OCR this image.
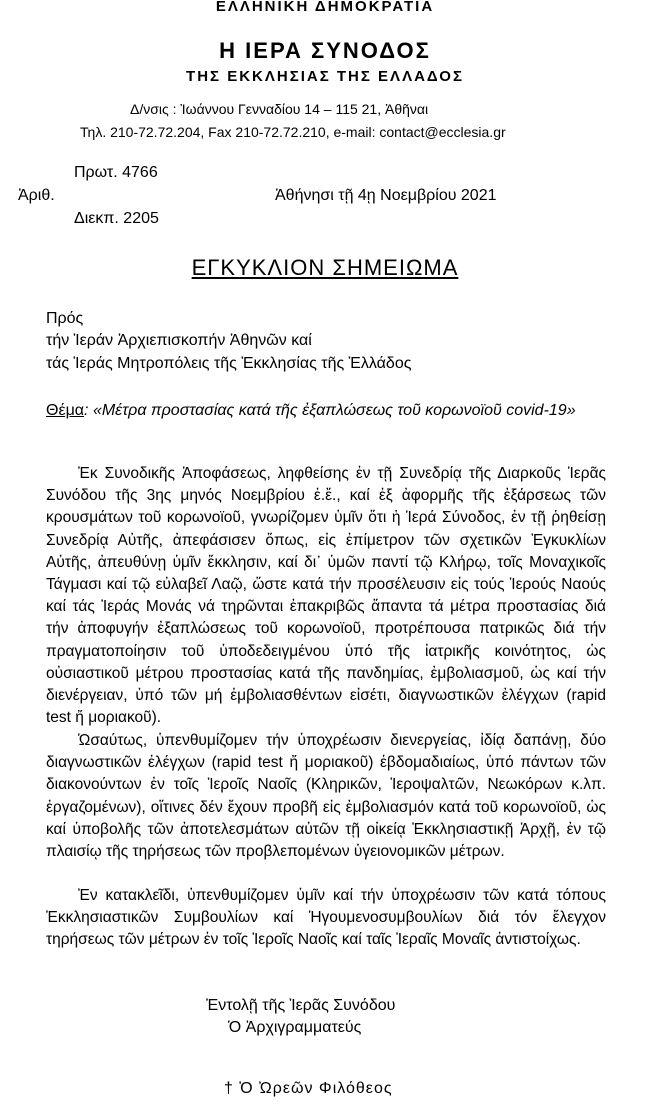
ΕΛΛΗΝΙΚΗ ΔΗΜΟΚΡΑΤΙΑ
Η ΙΕΡΑ ΣΥΝΟΔΟΣ
ΤΗΣ ΕΚΚΛΗΣΙΑΣ ΤΗΣ ΕΛΛΑΔΟΣ
Δ/νσις : Ἰωάννου Γενναδίου 14 – 115 21, Ἀθῆναι
Τηλ. 210-72.72.204, Fax 210-72.72.210, e-mail: contact@ecclesia.gr
Πρωτ. 4766
Ἀριθ.	Ἀθήνησι τῇ 4ῃ Νοεμβρίου 2021
Διεκπ. 2205
ΕΓΚΥΚΛΙΟΝ ΣΗΜΕΙΩΜΑ
Πρός
τήν Ἱεράν Ἀρχιεπισκοπήν Ἀθηνῶν καί
τάς Ἱεράς Μητροπόλεις τῆς Ἐκκλησίας τῆς Ἑλλάδος
Θέμα: «Μέτρα προστασίας κατά τῆς ἐξαπλώσεως τοῦ κορωνοϊοῦ covid-19»
Ἐκ Συνοδικῆς Ἀποφάσεως, ληφθείσης ἐν τῇ Συνεδρίᾳ τῆς Διαρκοῦς Ἱερᾶς Συνόδου τῆς 3ης μηνός Νοεμβρίου ἐ.ἔ., καί ἐξ ἀφορμῆς τῆς ἐξάρσεως τῶν κρουσμάτων τοῦ κορωνοϊοῦ, γνωρίζομεν ὑμῖν ὅτι ἡ Ἱερά Σύνοδος, ἐν τῇ ῥηθείσῃ Συνεδρίᾳ Αὐτῆς, ἀπεφάσισεν ὅπως, εἰς ἐπίμετρον τῶν σχετικῶν Ἐγκυκλίων Αὐτῆς, ἀπευθύνῃ ὑμῖν ἔκκλησιν, καί δι᾽ ὑμῶν παντί τῷ Κλήρῳ, τοῖς Μοναχικοῖς Τάγμασι καί τῷ εὐλαβεῖ Λαῷ, ὥστε κατά τήν προσέλευσιν εἰς τούς Ἱερούς Ναούς καί τάς Ἱεράς Μονάς νά τηρῶνται ἐπακριβῶς ἅπαντα τά μέτρα προστασίας διά τήν ἀποφυγήν ἐξαπλώσεως τοῦ κορωνοϊοῦ, προτρέπουσα πατρικῶς διά τήν πραγματοποίησιν τοῦ ὑποδεδειγμένου ὑπό τῆς ἰατρικῆς κοινότητος, ὡς οὐσιαστικοῦ μέτρου προστασίας κατά τῆς πανδημίας, ἐμβολιασμοῦ, ὡς καί τήν διενέργειαν, ὑπό τῶν μή ἐμβολιασθέντων εἰσέτι, διαγνωστικῶν ἐλέγχων (rapid test ἤ μοριακοῦ).
Ὡσαύτως, ὑπενθυμίζομεν τήν ὑποχρέωσιν διενεργείας, ἰδίᾳ δαπάνῃ, δύο διαγνωστικῶν ἐλέγχων (rapid test ἤ μοριακοῦ) ἑβδομαδιαίως, ὑπό πάντων τῶν διακονούντων ἐν τοῖς Ἱεροῖς Ναοῖς (Κληρικῶν, Ἱεροψαλτῶν, Νεωκόρων κ.λπ. ἐργαζομένων), οἵτινες δέν ἔχουν προβῆ εἰς ἐμβολιασμόν κατά τοῦ κορωνοϊοῦ, ὡς καί ὑποβολῆς τῶν ἀποτελεσμάτων αὐτῶν τῇ οἰκείᾳ Ἐκκλησιαστικῇ Ἀρχῇ, ἐν τῷ πλαισίῳ τῆς τηρήσεως τῶν προβλεπομένων ὑγειονομικῶν μέτρων.
Ἐν κατακλεῖδι, ὑπενθυμίζομεν ὑμῖν καί τήν ὑποχρέωσιν τῶν κατά τόπους Ἐκκλησιαστικῶν Συμβουλίων καί Ἡγουμενοσυμβουλίων διά τόν ἔλεγχον τηρήσεως τῶν μέτρων ἐν τοῖς Ἱεροῖς Ναοῖς καί ταῖς Ἱεραῖς Μοναῖς ἀντιστοίχως.
Ἐντολῇ τῆς Ἱερᾶς Συνόδου
Ὁ Ἀρχιγραμματεύς
† Ὁ Ὠρεῶν Φιλόθεος
